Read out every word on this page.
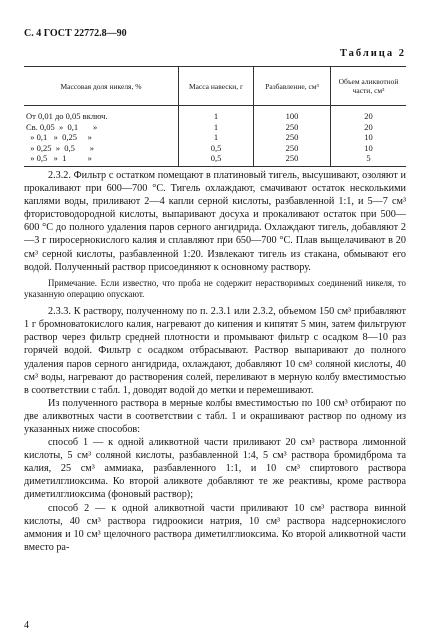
С. 4 ГОСТ 22772.8—90
Таблица 2
Массовая доля никеля, %	Масса навески, г	Разбавление, см³	Объем аликвотной части, см³
От 0,01 до 0,05 включ.	1	100	20
Св. 0,05  »  0,1       »	1	250	20
» 0,1   »  0,25     »	1	250	10
» 0,25  »  0,5       »	0,5	250	10
» 0,5   »  1          »	0,5	250	5

2.3.2. Фильтр с остатком помещают в платиновый тигель, высушивают, озоляют и прокаливают при 600—700 °С. Тигель охлаждают, смачивают остаток несколькими каплями воды, приливают 2—4 капли серной кислоты, разбавленной 1:1, и 5—7 см³ фтористоводородной кислоты, выпаривают досуха и прокаливают остаток при 500—600 °С до полного удаления паров серного ангидрида. Охлаждают тигель, добавляют 2—3 г пиросернокислого калия и сплавляют при 650—700 °С. Плав выщелачивают в 20 см³ серной кислоты, разбавленной 1:20. Извлекают тигель из стакана, обмывают его водой. Полученный раствор присоединяют к основному раствору.

Примечание. Если известно, что проба не содержит нерастворимых соединений никеля, то указанную операцию опускают.

2.3.3. К раствору, полученному по п. 2.3.1 или 2.3.2, объемом 150 см³ прибавляют 1 г бромноватокислого калия, нагревают до кипения и кипятят 5 мин, затем фильтруют раствор через фильтр средней плотности и промывают фильтр с осадком 8—10 раз горячей водой. Фильтр с осадком отбрасывают. Раствор выпаривают до полного удаления паров серного ангидрида, охлаждают, добавляют 10 см³ соляной кислоты, 40 см³ воды, нагревают до растворения солей, переливают в мерную колбу вместимостью в соответствии с табл. 1, доводят водой до метки и перемешивают.

Из полученного раствора в мерные колбы вместимостью по 100 см³ отбирают по две аликвотных части в соответствии с табл. 1 и окрашивают раствор по одному из указанных ниже способов:

способ 1 — к одной аликвотной части приливают 20 см³ раствора лимонной кислоты, 5 см³ соляной кислоты, разбавленной 1:4, 5 см³ раствора бромидброма та калия, 25 см³ аммиака, разбавленного 1:1, и 10 см³ спиртового раствора диметилглиоксима. Ко второй аликвоте добавляют те же реактивы, кроме раствора диметилглиоксима (фоновый раствор);

способ 2 — к одной аликвотной части приливают 10 см³ раствора винной кислоты, 40 см³ раствора гидроокиси натрия, 10 см³ раствора надсернокислого аммония и 10 см³ щелочного раствора диметилглиоксима. Ко второй аликвотной части вместо ра-

4
